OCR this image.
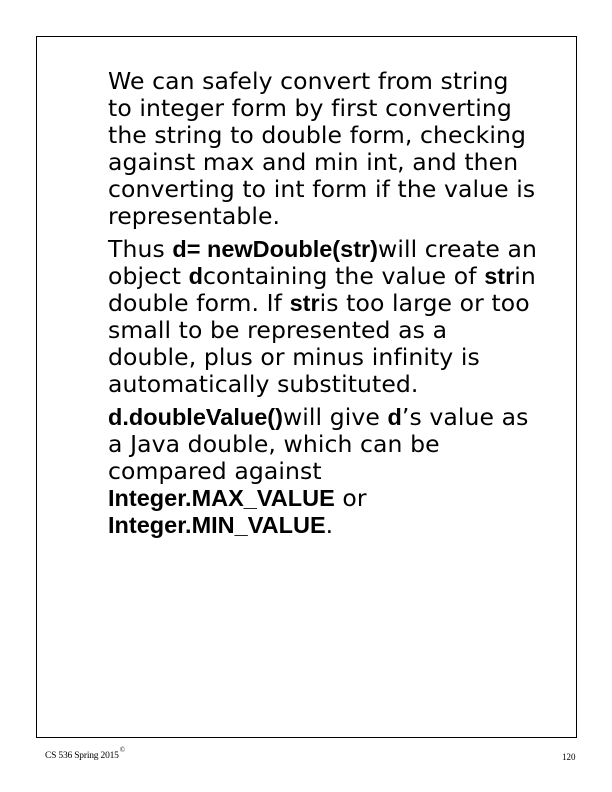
We can safely convert from string to integer form by first converting the string to double form, checking against max and min int, and then converting to int form if the value is representable.

Thus d= newDouble(str)will create an object dcontaining the value of strin double form. If stris too large or too small to be represented as a double, plus or minus infinity is automatically substituted.

d.doubleValue()will give d’s value as a Java double, which can be compared against Integer.MAX_VALUE or Integer.MIN_VALUE.

CS 536 Spring 2015©
120
